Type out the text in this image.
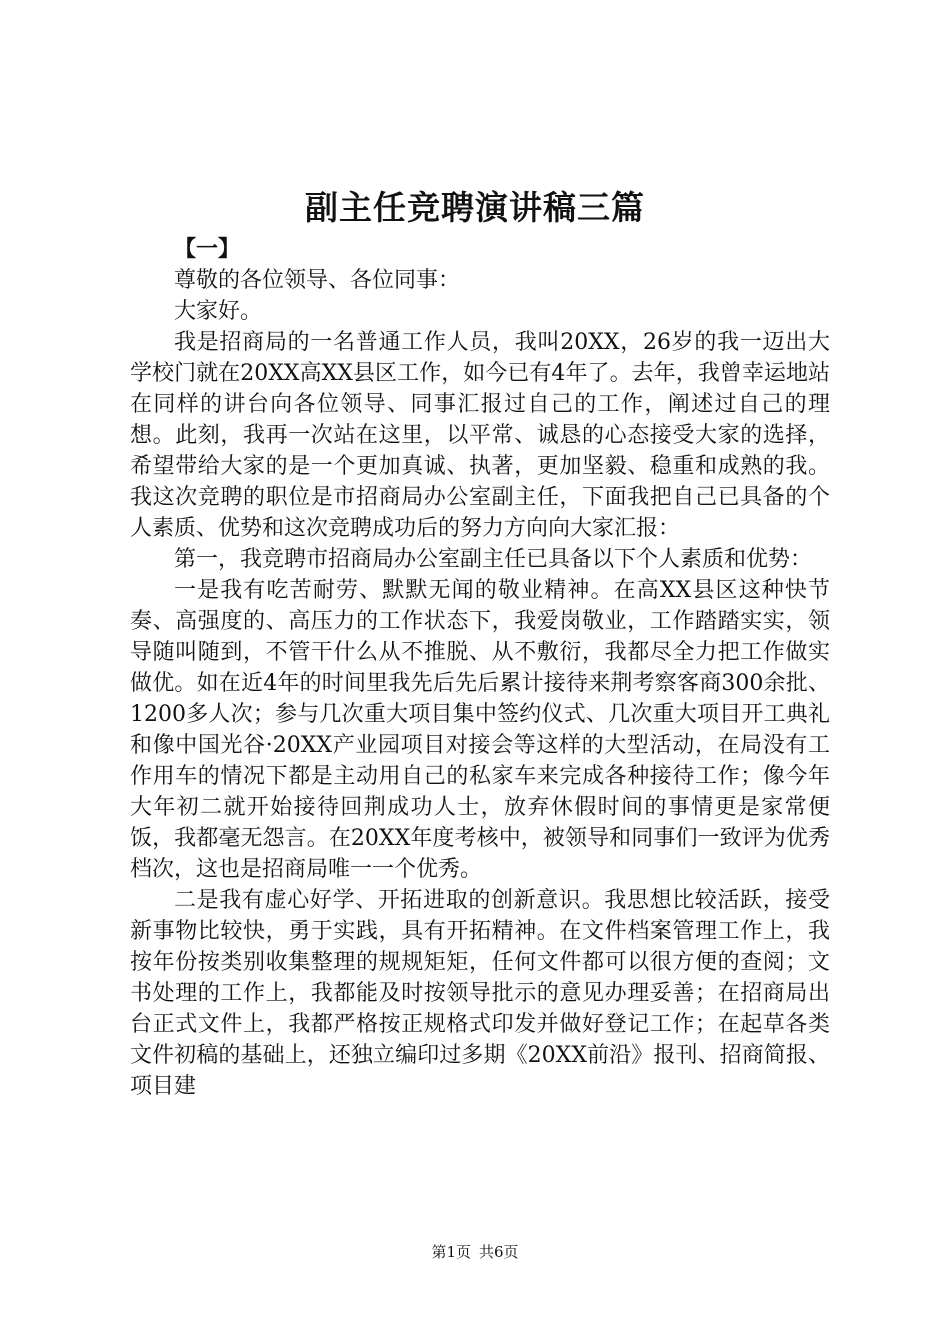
副主任竞聘演讲稿三篇

【一】

尊敬的各位领导、各位同事：

大家好。

我是招商局的一名普通工作人员，我叫20XX，26岁的我一迈出大学校门就在20XX高XX县区工作，如今已有4年了。去年，我曾幸运地站在同样的讲台向各位领导、同事汇报过自己的工作，阐述过自己的理想。此刻，我再一次站在这里，以平常、诚恳的心态接受大家的选择，希望带给大家的是一个更加真诚、执著，更加坚毅、稳重和成熟的我。我这次竞聘的职位是市招商局办公室副主任，下面我把自己已具备的个人素质、优势和这次竞聘成功后的努力方向向大家汇报：

第一，我竞聘市招商局办公室副主任已具备以下个人素质和优势：

一是我有吃苦耐劳、默默无闻的敬业精神。在高XX县区这种快节奏、高强度的、高压力的工作状态下，我爱岗敬业，工作踏踏实实，领导随叫随到，不管干什么从不推脱、从不敷衍，我都尽全力把工作做实做优。如在近4年的时间里我先后先后累计接待来荆考察客商300余批、1200多人次；参与几次重大项目集中签约仪式、几次重大项目开工典礼和像中国光谷·20XX产业园项目对接会等这样的大型活动，在局没有工作用车的情况下都是主动用自己的私家车来完成各种接待工作；像今年大年初二就开始接待回荆成功人士，放弃休假时间的事情更是家常便饭，我都毫无怨言。在20XX年度考核中，被领导和同事们一致评为优秀档次，这也是招商局唯一一个优秀。

二是我有虚心好学、开拓进取的创新意识。我思想比较活跃，接受新事物比较快，勇于实践，具有开拓精神。在文件档案管理工作上，我按年份按类别收集整理的规规矩矩，任何文件都可以很方便的查阅；文书处理的工作上，我都能及时按领导批示的意见办理妥善；在招商局出台正式文件上，我都严格按正规格式印发并做好登记工作；在起草各类文件初稿的基础上，还独立编印过多期《20XX前沿》报刊、招商简报、项目建

第1页 共6页
